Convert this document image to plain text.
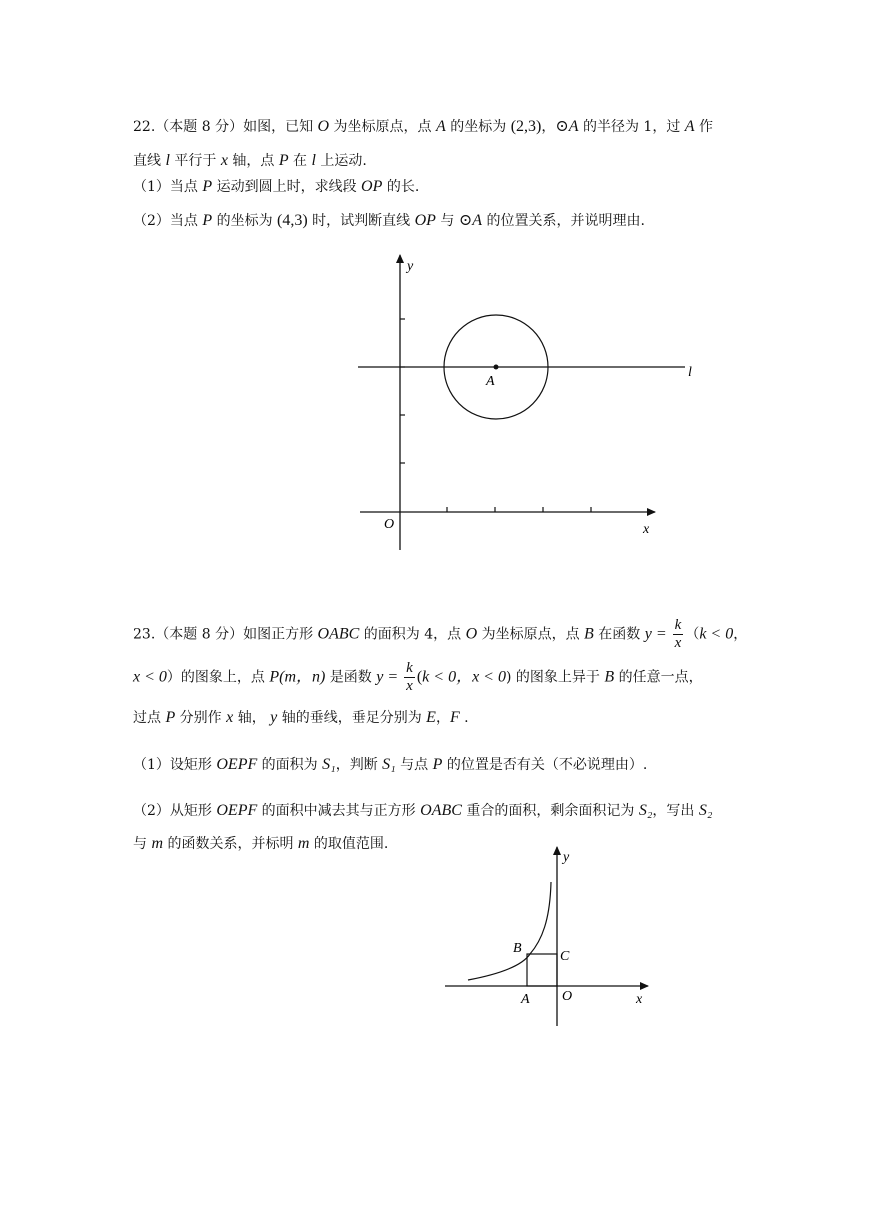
22.（本题 8 分）如图，已知 O 为坐标原点，点 A 的坐标为 (2,3)，⊙A 的半径为 1，过 A 作
直线 l 平行于 x 轴，点 P 在 l 上运动.
（1）当点 P 运动到圆上时，求线段 OP 的长.
（2）当点 P 的坐标为 (4,3) 时，试判断直线 OP 与 ⊙A 的位置关系，并说明理由.
y
x
O
A
l
23.（本题 8 分）如图正方形 OABC 的面积为 4，点 O 为坐标原点，点 B 在函数 $y = \frac{k}{x} (k < 0$，
x < 0）的图象上，点 P(m，n) 是函数 $y = \frac{k}{x} (k < 0$，x < 0) 的图象上异于 B 的任意一点，
过点 P 分别作 x 轴， y 轴的垂线，垂足分别为 E，F .
（1）设矩形 OEPF 的面积为 S₁，判断 S₁ 与点 P 的位置是否有关（不必说理由）.
（2）从矩形 OEPF 的面积中减去其与正方形 OABC 重合的面积，剩余面积记为 S₂，写出 S₂
与 m 的函数关系，并标明 m 的取值范围.
y
x
O
A
B
C
